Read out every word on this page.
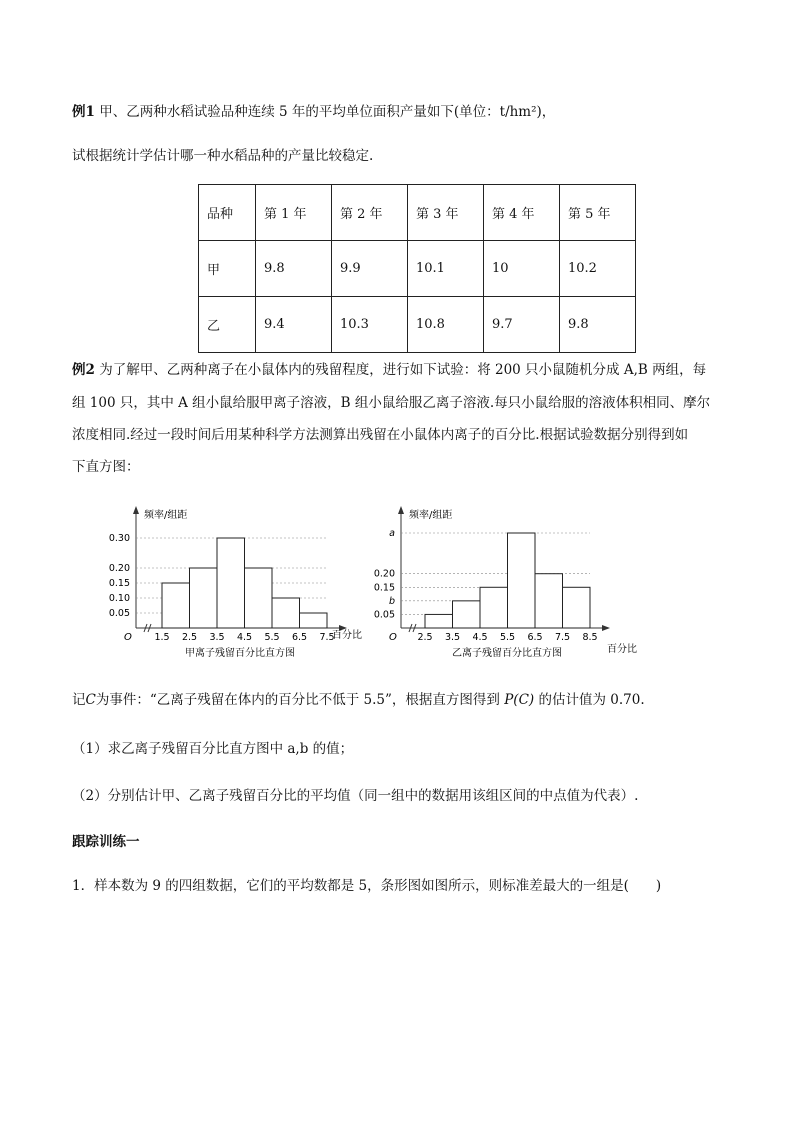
例1 甲、乙两种水稻试验品种连续 5 年的平均单位面积产量如下(单位：t/hm²)，
试根据统计学估计哪一种水稻品种的产量比较稳定.
品种	第 1 年	第 2 年	第 3 年	第 4 年	第 5 年
甲	9.8	9.9	10.1	10	10.2
乙	9.4	10.3	10.8	9.7	9.8
例2 为了解甲、乙两种离子在小鼠体内的残留程度，进行如下试验：将 200 只小鼠随机分成 A,B 两组，每
组 100 只，其中 A 组小鼠给服甲离子溶液，B 组小鼠给服乙离子溶液.每只小鼠给服的溶液体积相同、摩尔
浓度相同.经过一段时间后用某种科学方法测算出残留在小鼠体内离子的百分比.根据试验数据分别得到如
下直方图：
O
频率/组距
0.30
0.20
0.15
0.10
0.05
1.5 2.5 3.5 4.5 5.5 6.5 7.5
百分比
甲离子残留百分比直方图
O
频率/组距
a
0.20
0.15
b
0.05
2.5 3.5 4.5 5.5 6.5 7.5 8.5
百分比
乙离子残留百分比直方图
记C为事件：“乙离子残留在体内的百分比不低于 5.5”，根据直方图得到 P(C) 的估计值为 0.70.
（1）求乙离子残留百分比直方图中 a,b 的值；
（2）分别估计甲、乙离子残留百分比的平均值（同一组中的数据用该组区间的中点值为代表）.
跟踪训练一
1．样本数为 9 的四组数据，它们的平均数都是 5，条形图如图所示，则标准差最大的一组是(　　)
